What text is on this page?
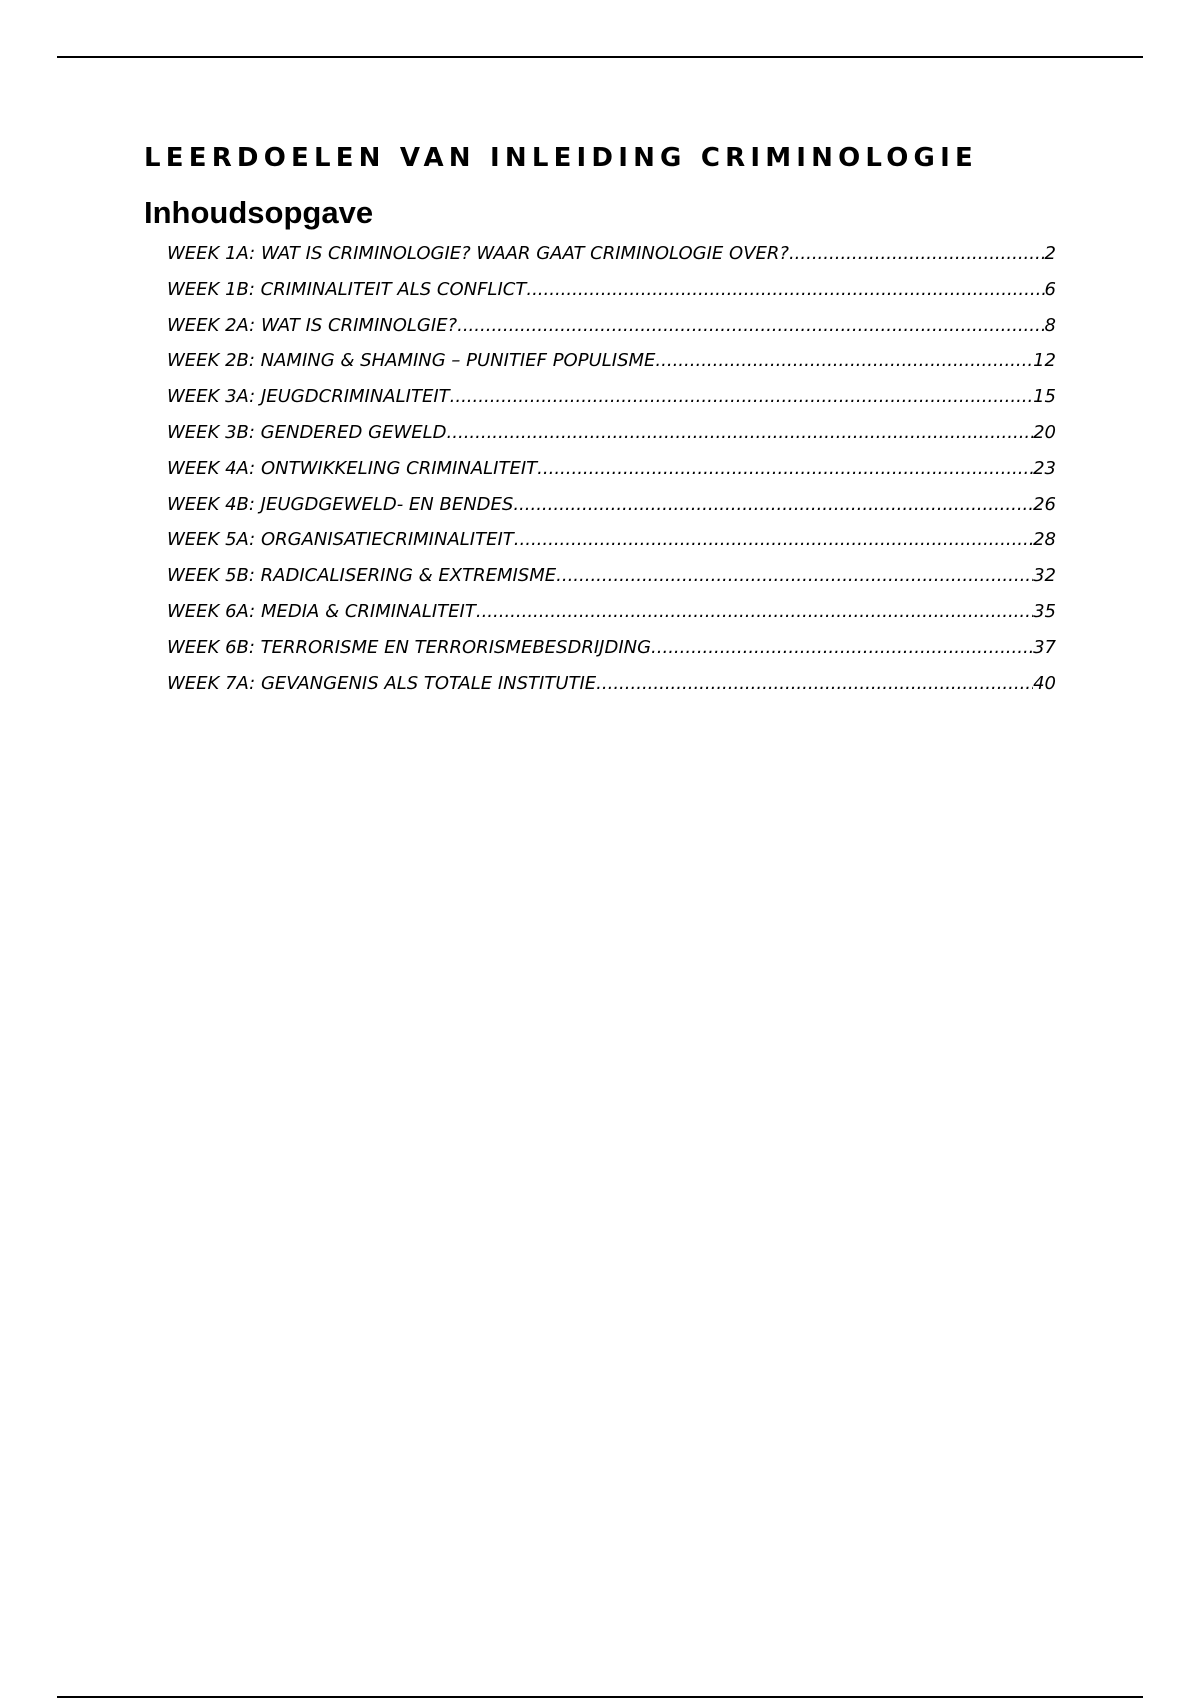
LEERDOELEN VAN INLEIDING CRIMINOLOGIE
Inhoudsopgave
WEEK 1A: WAT IS CRIMINOLOGIE? WAAR GAAT CRIMINOLOGIE OVER? .....	2
WEEK 1B: CRIMINALITEIT ALS CONFLICT .....	6
WEEK 2A: WAT IS CRIMINOLGIE? .....	8
WEEK 2B: NAMING & SHAMING – PUNITIEF POPULISME .....	12
WEEK 3A: JEUGDCRIMINALITEIT .....	15
WEEK 3B: GENDERED GEWELD .....	20
WEEK 4A: ONTWIKKELING CRIMINALITEIT .....	23
WEEK 4B: JEUGDGEWELD- EN BENDES .....	26
WEEK 5A: ORGANISATIECRIMINALITEIT .....	28
WEEK 5B: RADICALISERING & EXTREMISME .....	32
WEEK 6A: MEDIA & CRIMINALITEIT .....	35
WEEK 6B: TERRORISME EN TERRORISMEBESDRIJDING .....	37
WEEK 7A: GEVANGENIS ALS TOTALE INSTITUTIE .....	40
